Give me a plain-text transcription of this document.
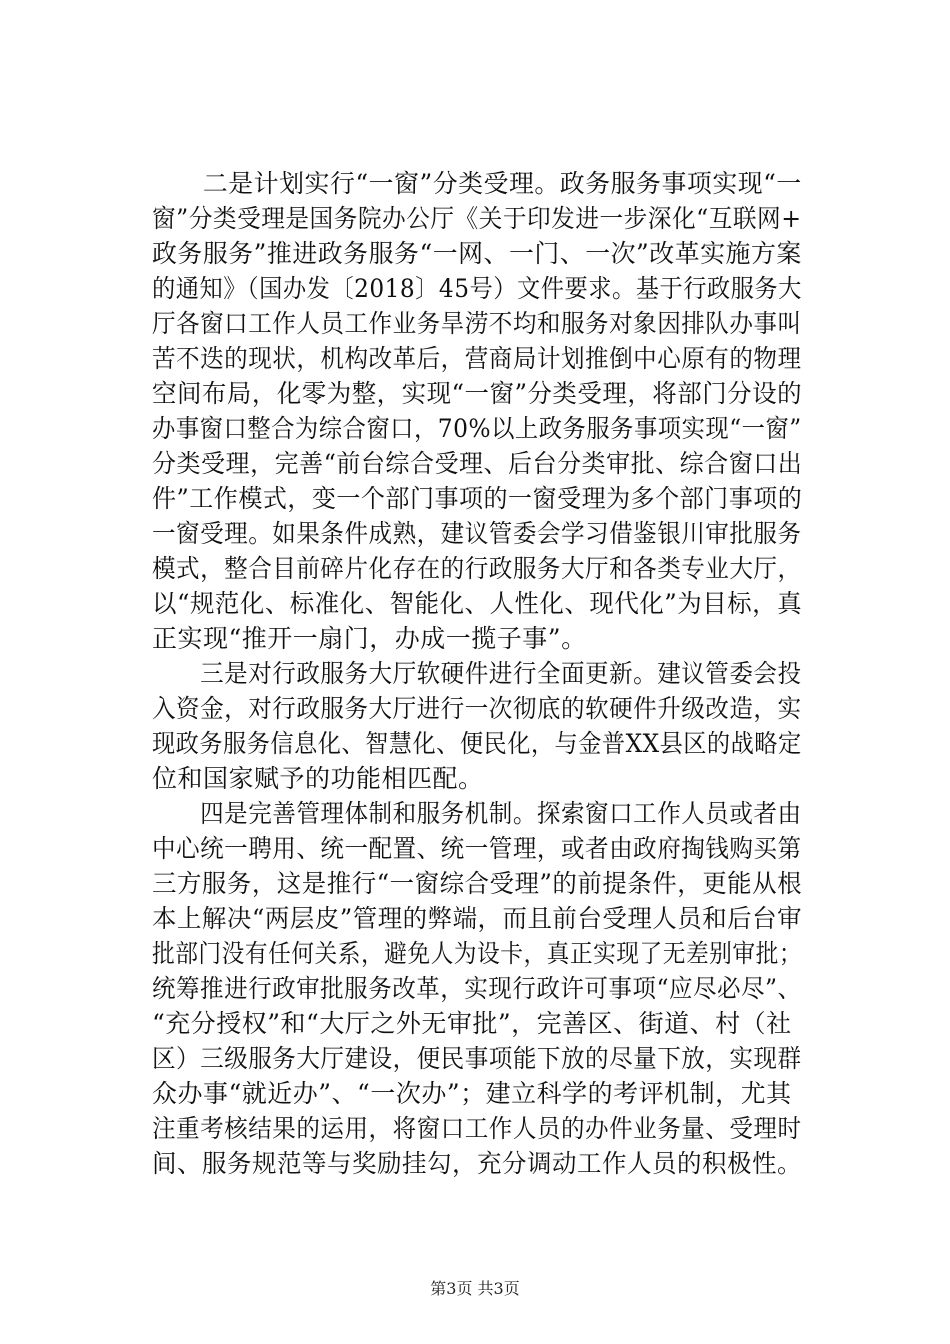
　　二是计划实行“一窗”分类受理。政务服务事项实现“一
窗”分类受理是国务院办公厅《关于印发进一步深化“互联网+
政务服务”推进政务服务“一网、一门、一次”改革实施方案
的通知》（国办发〔2018〕45号）文件要求。基于行政服务大
厅各窗口工作人员工作业务旱涝不均和服务对象因排队办事叫
苦不迭的现状，机构改革后，营商局计划推倒中心原有的物理
空间布局，化零为整，实现“一窗”分类受理，将部门分设的
办事窗口整合为综合窗口，70%以上政务服务事项实现“一窗”
分类受理，完善“前台综合受理、后台分类审批、综合窗口出
件”工作模式，变一个部门事项的一窗受理为多个部门事项的
一窗受理。如果条件成熟，建议管委会学习借鉴银川审批服务
模式，整合目前碎片化存在的行政服务大厅和各类专业大厅，
以“规范化、标准化、智能化、人性化、现代化”为目标，真
正实现“推开一扇门，办成一揽子事”。
　　三是对行政服务大厅软硬件进行全面更新。建议管委会投
入资金，对行政服务大厅进行一次彻底的软硬件升级改造，实
现政务服务信息化、智慧化、便民化，与金普XX县区的战略定
位和国家赋予的功能相匹配。
　　四是完善管理体制和服务机制。探索窗口工作人员或者由
中心统一聘用、统一配置、统一管理，或者由政府掏钱购买第
三方服务，这是推行“一窗综合受理”的前提条件，更能从根
本上解决“两层皮”管理的弊端，而且前台受理人员和后台审
批部门没有任何关系，避免人为设卡，真正实现了无差别审批；
统筹推进行政审批服务改革，实现行政许可事项“应尽必尽”、
“充分授权”和“大厅之外无审批”，完善区、街道、村（社
区）三级服务大厅建设，便民事项能下放的尽量下放，实现群
众办事“就近办”、“一次办”；建立科学的考评机制，尤其
注重考核结果的运用，将窗口工作人员的办件业务量、受理时
间、服务规范等与奖励挂勾，充分调动工作人员的积极性。
第3页 共3页
